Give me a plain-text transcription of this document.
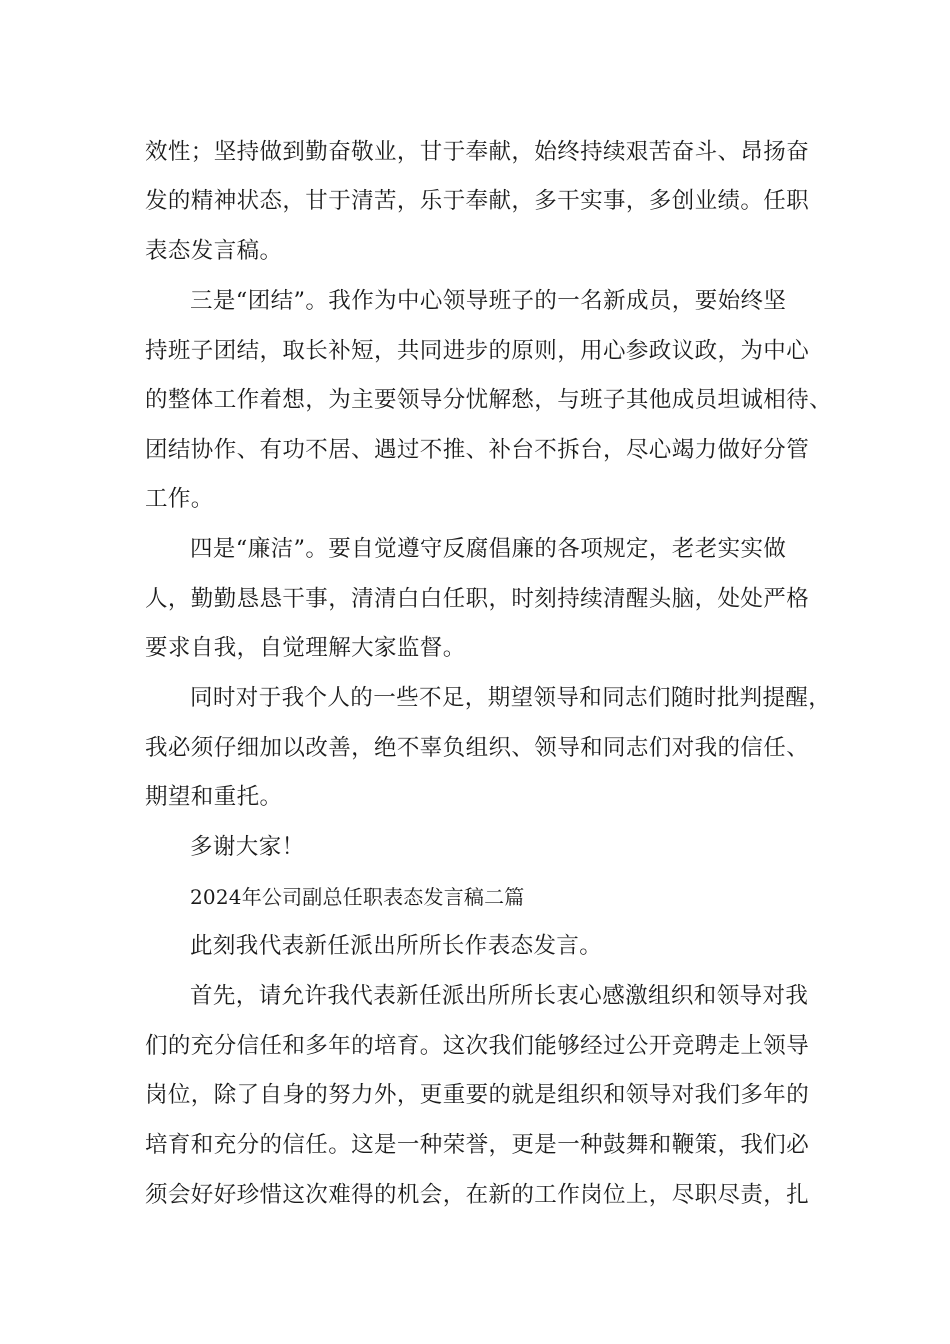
效性；坚持做到勤奋敬业，甘于奉献，始终持续艰苦奋斗、昂扬奋

发的精神状态，甘于清苦，乐于奉献，多干实事，多创业绩。任职

表态发言稿。

三是“团结”。我作为中心领导班子的一名新成员，要始终坚

持班子团结，取长补短，共同进步的原则，用心参政议政，为中心

的整体工作着想，为主要领导分忧解愁，与班子其他成员坦诚相待、

团结协作、有功不居、遇过不推、补台不拆台，尽心竭力做好分管

工作。

四是“廉洁”。要自觉遵守反腐倡廉的各项规定，老老实实做

人，勤勤恳恳干事，清清白白任职，时刻持续清醒头脑，处处严格

要求自我，自觉理解大家监督。

同时对于我个人的一些不足，期望领导和同志们随时批判提醒，

我必须仔细加以改善，绝不辜负组织、领导和同志们对我的信任、

期望和重托。

多谢大家！

2024年公司副总任职表态发言稿二篇

此刻我代表新任派出所所长作表态发言。

首先，请允许我代表新任派出所所长衷心感激组织和领导对我

们的充分信任和多年的培育。这次我们能够经过公开竞聘走上领导

岗位，除了自身的努力外，更重要的就是组织和领导对我们多年的

培育和充分的信任。这是一种荣誉，更是一种鼓舞和鞭策，我们必

须会好好珍惜这次难得的机会，在新的工作岗位上，尽职尽责，扎
